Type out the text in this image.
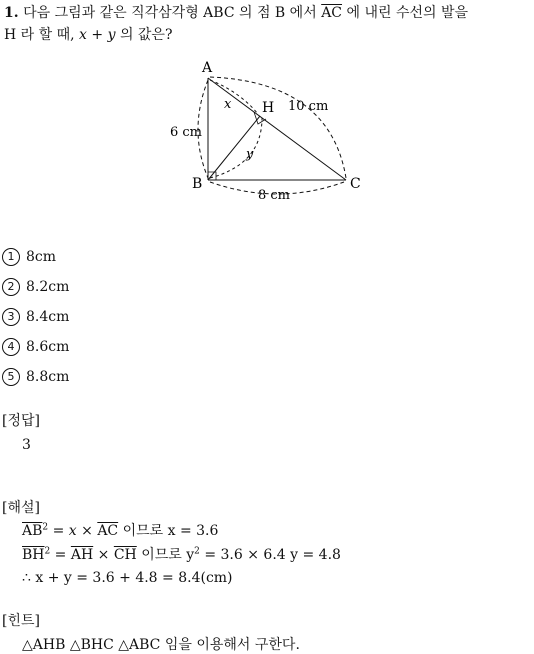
1. 다음 그림과 같은 직각삼각형 ABC 의 점 B 에서 $\overline{AC}$ 에 내린 수선의 발을
H 라 할 때, x + y 의 값은?
A
B	C
H
x
y
10 cm
6 cm
8 cm
1 8cm
2 8.2cm
3 8.4cm
4 8.6cm
5 8.8cm
[정답]
3
[해설]
$\overline{AB}^2 = x \times \overline{AC}$ 이므로 x = 3.6
$\overline{BH}^2 = \overline{AH} \times \overline{CH}$ 이므로 $y^2 = 3.6 \times 6.4$ y = 4.8
∴ x + y = 3.6 + 4.8 = 8.4(cm)
[힌트]
△AHB △BHC △ABC 임을 이용해서 구한다.
